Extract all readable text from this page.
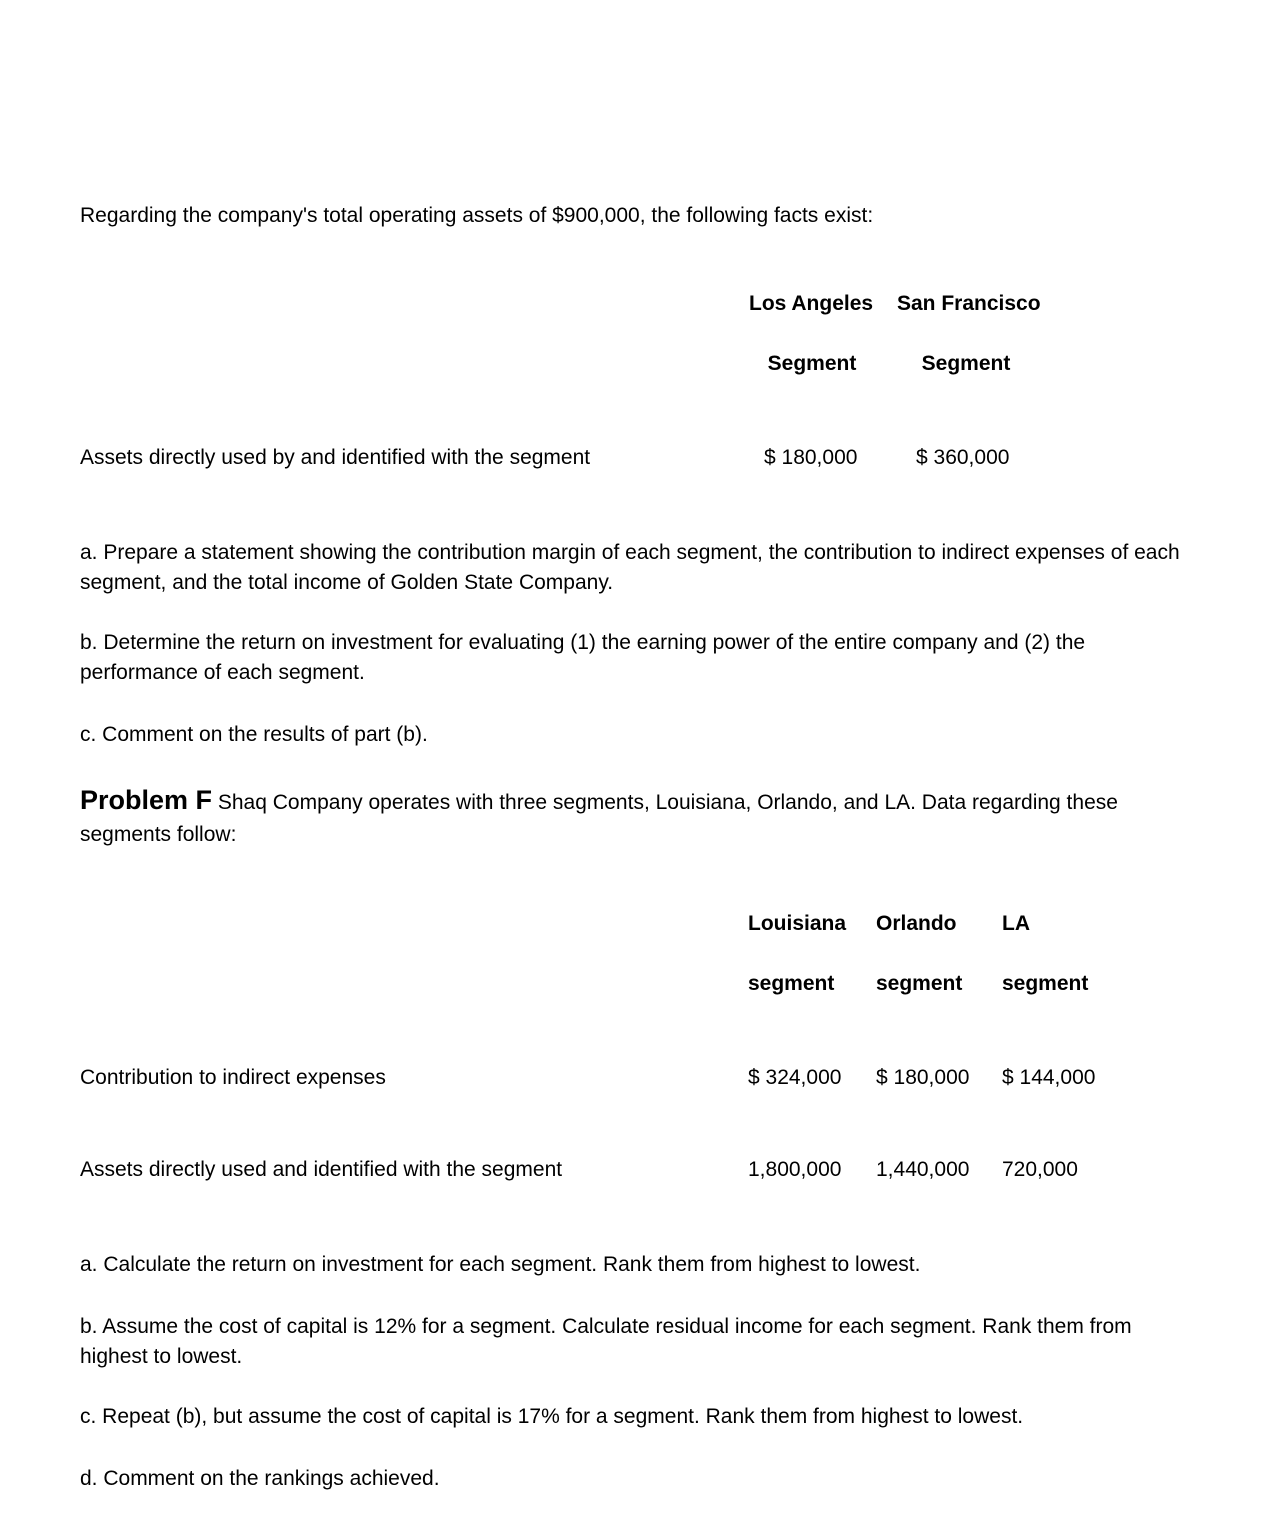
Regarding the company's total operating assets of $900,000, the following facts exist:
Los Angeles San Francisco
Segment	Segment
Assets directly used by and identified with the segment	$ 180,000	$ 360,000
a. Prepare a statement showing the contribution margin of each segment, the contribution to indirect expenses of each segment, and the total income of Golden State Company.
b. Determine the return on investment for evaluating (1) the earning power of the entire company and (2) the performance of each segment.
c. Comment on the results of part (b).
Problem F Shaq Company operates with three segments, Louisiana, Orlando, and LA. Data regarding these segments follow:
Louisiana Orlando LA
segment segment segment
Contribution to indirect expenses	$ 324,000 $ 180,000 $ 144,000
Assets directly used and identified with the segment	1,800,000 1,440,000 720,000
a. Calculate the return on investment for each segment. Rank them from highest to lowest.
b. Assume the cost of capital is 12% for a segment. Calculate residual income for each segment. Rank them from highest to lowest.
c. Repeat (b), but assume the cost of capital is 17% for a segment. Rank them from highest to lowest.
d. Comment on the rankings achieved.
